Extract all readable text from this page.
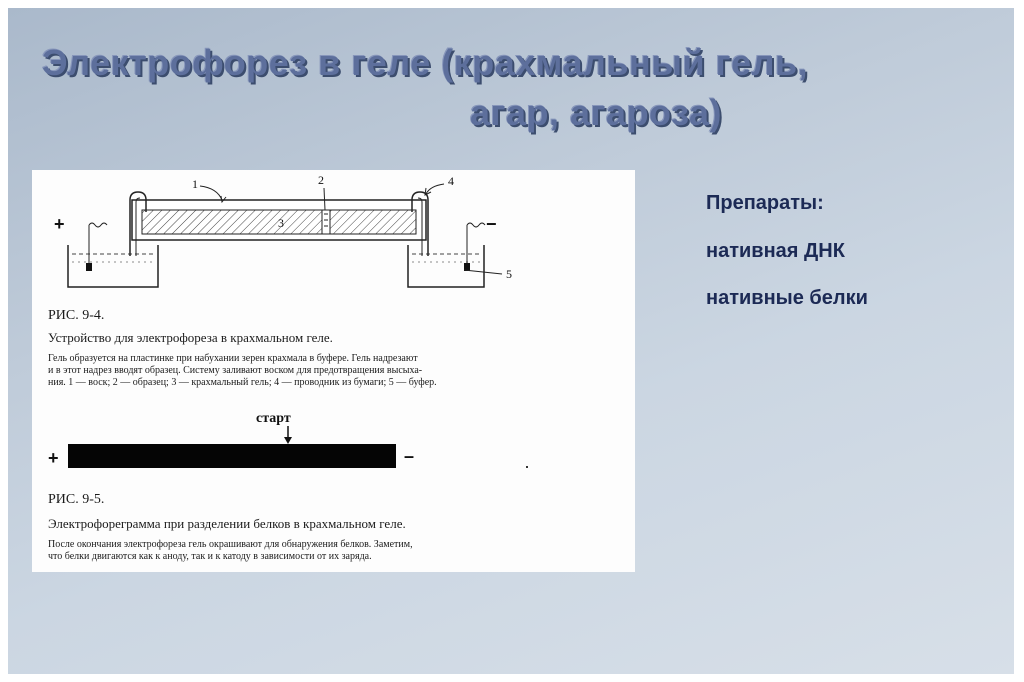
Электрофорез в геле (крахмальный гель,
агар, агароза)
1	2
3
4
5
+	−
старт
+	–
РИС. 9-4.
Устройство для электрофореза в крахмальном геле.
Гель образуется на пластинке при набухании зерен крахмала в буфере. Гель надрезают
и в этот надрез вводят образец. Систему заливают воском для предотвращения высыха-
ния. 1 — воск; 2 — образец; 3 — крахмальный гель; 4 — проводник из бумаги; 5 — буфер.
РИС. 9-5.
Электрофореграмма при разделении белков в крахмальном геле.
После окончания электрофореза гель окрашивают для обнаружения белков. Заметим,
что белки двигаются как к аноду, так и к катоду в зависимости от их заряда.
Препараты:
нативная ДНК
нативные белки
